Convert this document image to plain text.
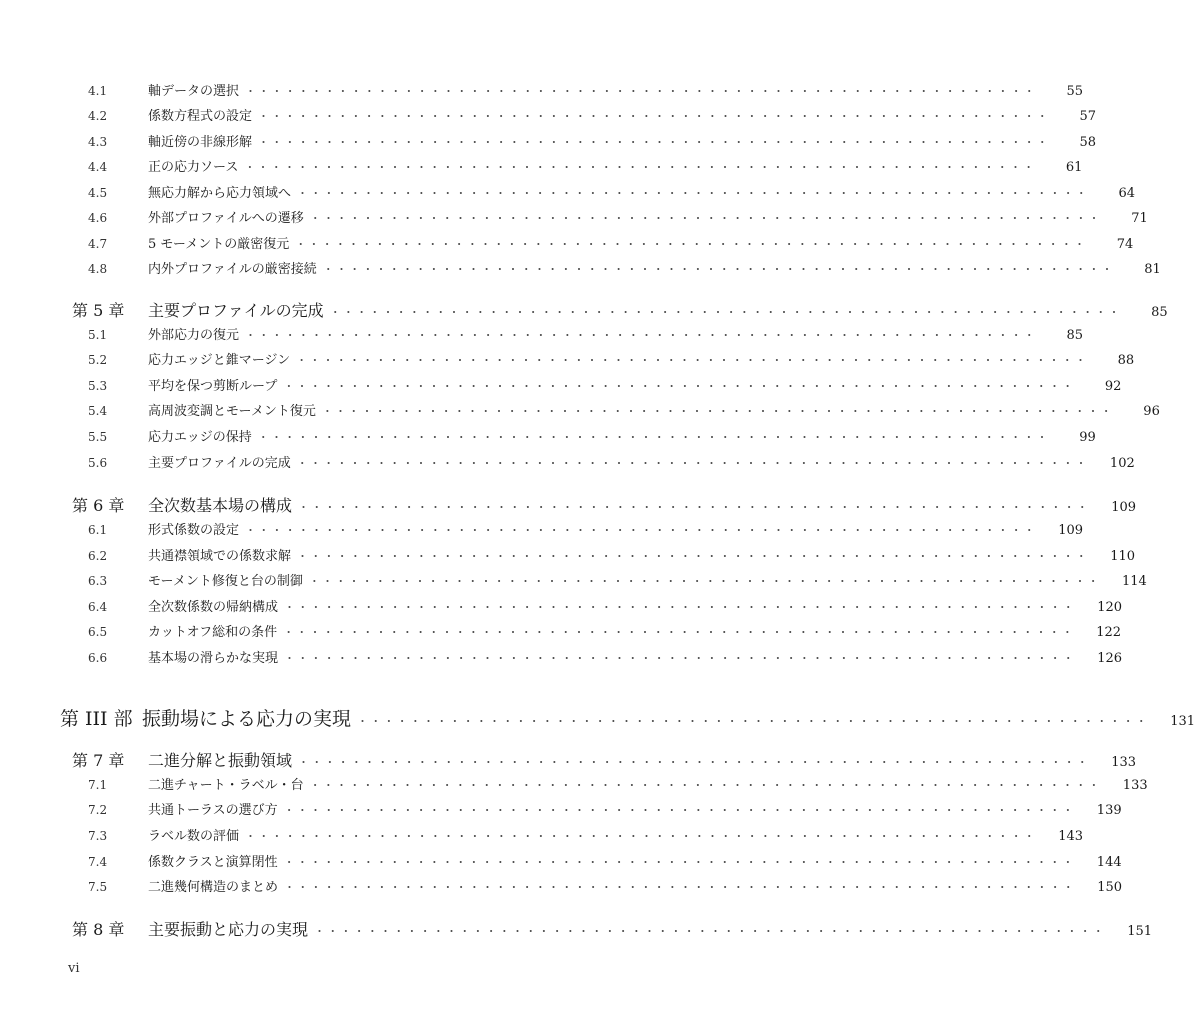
4.1	軸データの選択 ・・・・・・・・・・・・・・・・・・・・・・・・・・・・・・・・・・・・・・・・・・・・・・・・・・・・・・・・・・・・	55
4.2	係数方程式の設定 ・・・・・・・・・・・・・・・・・・・・・・・・・・・・・・・・・・・・・・・・・・・・・・・・・・・・・・・・・・・・	57
4.3	軸近傍の非線形解 ・・・・・・・・・・・・・・・・・・・・・・・・・・・・・・・・・・・・・・・・・・・・・・・・・・・・・・・・・・・・	58
4.4	正の応力ソース ・・・・・・・・・・・・・・・・・・・・・・・・・・・・・・・・・・・・・・・・・・・・・・・・・・・・・・・・・・・・	61
4.5	無応力解から応力領域へ ・・・・・・・・・・・・・・・・・・・・・・・・・・・・・・・・・・・・・・・・・・・・・・・・・・・・・・・・・・・・	64
4.6	外部プロファイルへの遷移 ・・・・・・・・・・・・・・・・・・・・・・・・・・・・・・・・・・・・・・・・・・・・・・・・・・・・・・・・・・・・	71
4.7	5 モーメントの厳密復元 ・・・・・・・・・・・・・・・・・・・・・・・・・・・・・・・・・・・・・・・・・・・・・・・・・・・・・・・・・・・・	74
4.8	内外プロファイルの厳密接続 ・・・・・・・・・・・・・・・・・・・・・・・・・・・・・・・・・・・・・・・・・・・・・・・・・・・・・・・・・・・・	81
第 5 章	主要プロファイルの完成 ・・・・・・・・・・・・・・・・・・・・・・・・・・・・・・・・・・・・・・・・・・・・・・・・・・・・・・・・・・・・	85
5.1	外部応力の復元 ・・・・・・・・・・・・・・・・・・・・・・・・・・・・・・・・・・・・・・・・・・・・・・・・・・・・・・・・・・・・	85
5.2	応力エッジと錐マージン ・・・・・・・・・・・・・・・・・・・・・・・・・・・・・・・・・・・・・・・・・・・・・・・・・・・・・・・・・・・・	88
5.3	平均を保つ剪断ループ ・・・・・・・・・・・・・・・・・・・・・・・・・・・・・・・・・・・・・・・・・・・・・・・・・・・・・・・・・・・・	92
5.4	高周波変調とモーメント復元 ・・・・・・・・・・・・・・・・・・・・・・・・・・・・・・・・・・・・・・・・・・・・・・・・・・・・・・・・・・・・	96
5.5	応力エッジの保持 ・・・・・・・・・・・・・・・・・・・・・・・・・・・・・・・・・・・・・・・・・・・・・・・・・・・・・・・・・・・・	99
5.6	主要プロファイルの完成 ・・・・・・・・・・・・・・・・・・・・・・・・・・・・・・・・・・・・・・・・・・・・・・・・・・・・・・・・・・・・	102
第 6 章	全次数基本場の構成 ・・・・・・・・・・・・・・・・・・・・・・・・・・・・・・・・・・・・・・・・・・・・・・・・・・・・・・・・・・・・	109
6.1	形式係数の設定 ・・・・・・・・・・・・・・・・・・・・・・・・・・・・・・・・・・・・・・・・・・・・・・・・・・・・・・・・・・・・	109
6.2	共通襟領域での係数求解 ・・・・・・・・・・・・・・・・・・・・・・・・・・・・・・・・・・・・・・・・・・・・・・・・・・・・・・・・・・・・	110
6.3	モーメント修復と台の制御 ・・・・・・・・・・・・・・・・・・・・・・・・・・・・・・・・・・・・・・・・・・・・・・・・・・・・・・・・・・・・	114
6.4	全次数係数の帰納構成 ・・・・・・・・・・・・・・・・・・・・・・・・・・・・・・・・・・・・・・・・・・・・・・・・・・・・・・・・・・・・	120
6.5	カットオフ総和の条件 ・・・・・・・・・・・・・・・・・・・・・・・・・・・・・・・・・・・・・・・・・・・・・・・・・・・・・・・・・・・・	122
6.6	基本場の滑らかな実現 ・・・・・・・・・・・・・・・・・・・・・・・・・・・・・・・・・・・・・・・・・・・・・・・・・・・・・・・・・・・・	126
第 III 部 振動場による応力の実現 ・・・・・・・・・・・・・・・・・・・・・・・・・・・・・・・・・・・・・・・・・・・・・・・・・・・・・・・・・・・・	131
第 7 章	二進分解と振動領域 ・・・・・・・・・・・・・・・・・・・・・・・・・・・・・・・・・・・・・・・・・・・・・・・・・・・・・・・・・・・・	133
7.1	二進チャート・ラベル・台 ・・・・・・・・・・・・・・・・・・・・・・・・・・・・・・・・・・・・・・・・・・・・・・・・・・・・・・・・・・・・	133
7.2	共通トーラスの選び方 ・・・・・・・・・・・・・・・・・・・・・・・・・・・・・・・・・・・・・・・・・・・・・・・・・・・・・・・・・・・・	139
7.3	ラベル数の評価 ・・・・・・・・・・・・・・・・・・・・・・・・・・・・・・・・・・・・・・・・・・・・・・・・・・・・・・・・・・・・	143
7.4	係数クラスと演算閉性 ・・・・・・・・・・・・・・・・・・・・・・・・・・・・・・・・・・・・・・・・・・・・・・・・・・・・・・・・・・・・	144
7.5	二進幾何構造のまとめ ・・・・・・・・・・・・・・・・・・・・・・・・・・・・・・・・・・・・・・・・・・・・・・・・・・・・・・・・・・・・	150
第 8 章	主要振動と応力の実現 ・・・・・・・・・・・・・・・・・・・・・・・・・・・・・・・・・・・・・・・・・・・・・・・・・・・・・・・・・・・・	151
vi
